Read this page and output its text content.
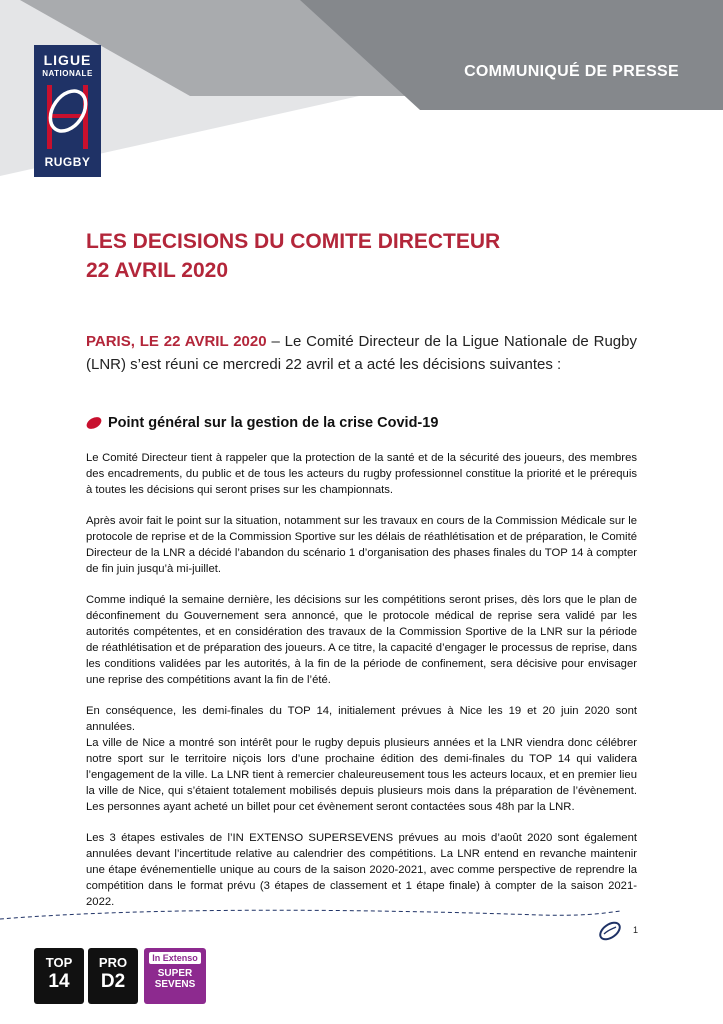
LIGUE
NATIONALE
RUGBY
COMMUNIQUÉ DE PRESSE
LES DECISIONS DU COMITE DIRECTEUR
22 AVRIL 2020

PARIS, LE 22 AVRIL 2020 – Le Comité Directeur de la Ligue Nationale de Rugby (LNR) s’est réuni ce mercredi 22 avril et a acté les décisions suivantes :

Point général sur la gestion de la crise Covid-19

Le Comité Directeur tient à rappeler que la protection de la santé et de la sécurité des joueurs, des membres des encadrements, du public et de tous les acteurs du rugby professionnel constitue la priorité et le prérequis à toutes les décisions qui seront prises sur les championnats.

Après avoir fait le point sur la situation, notamment sur les travaux en cours de la Commission Médicale sur le protocole de reprise et de la Commission Sportive sur les délais de réathlétisation et de préparation, le Comité Directeur de la LNR a décidé l’abandon du scénario 1 d’organisation des phases finales du TOP 14 à compter de fin juin jusqu’à mi-juillet.

Comme indiqué la semaine dernière, les décisions sur les compétitions seront prises, dès lors que le plan de déconfinement du Gouvernement sera annoncé, que le protocole médical de reprise sera validé par les autorités compétentes, et en considération des travaux de la Commission Sportive de la LNR sur la période de réathlétisation et de préparation des joueurs. A ce titre, la capacité d’engager le processus de reprise, dans les conditions validées par les autorités, à la fin de la période de confinement, sera décisive pour envisager une reprise des compétitions avant la fin de l’été.

En conséquence, les demi-finales du TOP 14, initialement prévues à Nice les 19 et 20 juin 2020 sont annulées.

La ville de Nice a montré son intérêt pour le rugby depuis plusieurs années et la LNR viendra donc célébrer notre sport sur le territoire niçois lors d’une prochaine édition des demi-finales du TOP 14 qui validera l’engagement de la ville. La LNR tient à remercier chaleureusement tous les acteurs locaux, et en premier lieu la ville de Nice, qui s’étaient totalement mobilisés depuis plusieurs mois dans la préparation de l’évènement. Les personnes ayant acheté un billet pour cet évènement seront contactées sous 48h par la LNR.

Les 3 étapes estivales de l’IN EXTENSO SUPERSEVENS prévues au mois d’août 2020 sont également annulées devant l’incertitude relative au calendrier des compétitions. La LNR entend en revanche maintenir une étape événementielle unique au cours de la saison 2020-2021, avec comme perspective de reprendre la compétition dans le format prévu (3 étapes de classement et 1 étape finale) à compter de la saison 2021-2022.

1
TOP
14
PRO
D2
In Extenso
SUPER
SEVENS
